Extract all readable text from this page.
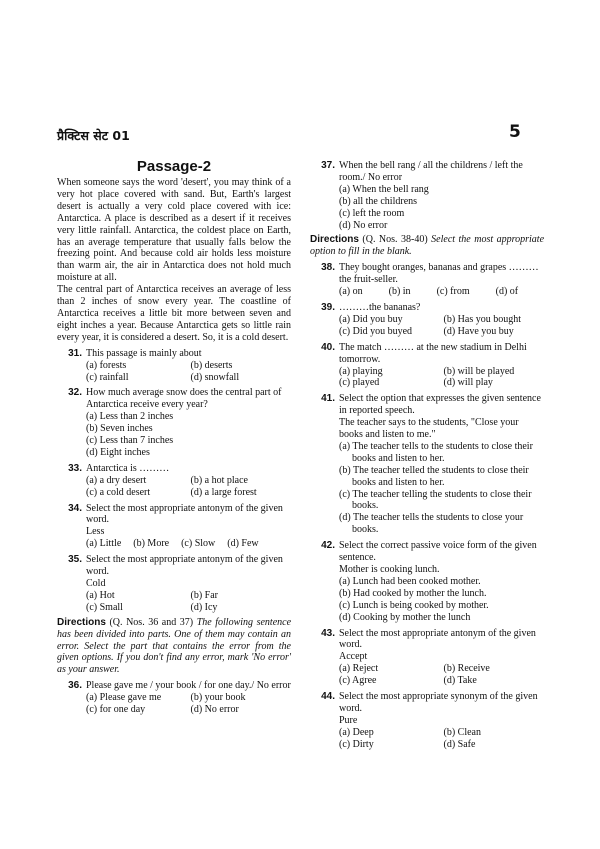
प्रैक्टिस सेट 01	5
Passage-2

When someone says the word 'desert', you may think of a very hot place covered with sand. But, Earth's largest desert is actually a very cold place covered with ice: Antarctica. A place is described as a desert if it receives very little rainfall. Antarctica, the coldest place on Earth, has an average temperature that usually falls below the freezing point. And because cold air holds less moisture than warm air, the air in Antarctica does not hold much moisture at all.

The central part of Antarctica receives an average of less than 2 inches of snow every year. The coastline of Antarctica receives a little bit more between seven and eight inches a year. Because Antarctica gets so little rain every year, it is considered a desert. So, it is a cold desert.

31. This passage is mainly about
(a) forests	(b) deserts
(c) rainfall	(d) snowfall
32. How much average snow does the central part of Antarctica receive every year?
(a) Less than 2 inches
(b) Seven inches
(c) Less than 7 inches
(d) Eight inches
33. Antarctica is ………
(a) a dry desert	(b) a hot place
(c) a cold desert	(d) a large forest
34. Select the most appropriate antonym of the given word.
Less
(a) Little (b) More (c) Slow (d) Few
35. Select the most appropriate antonym of the given word.
Cold
(a) Hot	(b) Far
(c) Small	(d) Icy
Directions (Q. Nos. 36 and 37) The following sentence has been divided into parts. One of them may contain an error. Select the part that contains the error from the given options. If you don't find any error, mark 'No error' as your answer.
36. Please gave me / your book / for one day./ No error
(a) Please gave me	(b) your book
(c) for one day	(d) No error
37. When the bell rang / all the childrens / left the room./ No error
(a) When the bell rang
(b) all the childrens
(c) left the room
(d) No error
Directions (Q. Nos. 38-40) Select the most appropriate option to fill in the blank.
38. They bought oranges, bananas and grapes ……… the fruit-seller.
(a) on	(b) in	(c) from	(d) of
39. ………the bananas?
(a) Did you buy	(b) Has you bought
(c) Did you buyed	(d) Have you buy
40. The match ……… at the new stadium in Delhi tomorrow.
(a) playing	(b) will be played
(c) played	(d) will play
41. Select the option that expresses the given sentence in reported speech.
The teacher says to the students, "Close your books and listen to me."
(a) The teacher tells to the students to close their books and listen to her.
(b) The teacher telled the students to close their books and listen to her.
(c) The teacher telling the students to close their books.
(d) The teacher tells the students to close your books.
42. Select the correct passive voice form of the given sentence.
Mother is cooking lunch.
(a) Lunch had been cooked mother.
(b) Had cooked by mother the lunch.
(c) Lunch is being cooked by mother.
(d) Cooking by mother the lunch
43. Select the most appropriate antonym of the given word.
Accept
(a) Reject	(b) Receive
(c) Agree	(d) Take
44. Select the most appropriate synonym of the given word.
Pure
(a) Deep	(b) Clean
(c) Dirty	(d) Safe
